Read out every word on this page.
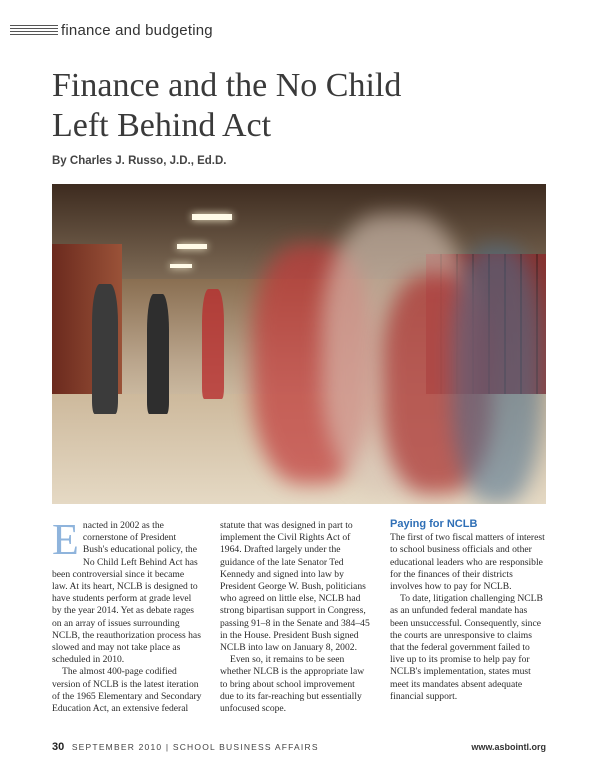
finance and budgeting
Finance and the No Child
Left Behind Act
By Charles J. Russo, J.D., Ed.D.

Enacted in 2002 as the cornerstone of President Bush's educational policy, the No Child Left Behind Act has been controversial since it became law. At its heart, NCLB is designed to have students perform at grade level by the year 2014. Yet as debate rages on an array of issues surrounding NCLB, the reauthorization process has slowed and may not take place as scheduled in 2010.

The almost 400-page codified version of NCLB is the latest iteration of the 1965 Elementary and Secondary Education Act, an extensive federal

statute that was designed in part to implement the Civil Rights Act of 1964. Drafted largely under the guidance of the late Senator Ted Kennedy and signed into law by President George W. Bush, politicians who agreed on little else, NCLB had strong bipartisan support in Congress, passing 91–8 in the Senate and 384–45 in the House. President Bush signed NCLB into law on January 8, 2002.

Even so, it remains to be seen whether NLCB is the appropriate law to bring about school improvement due to its far-reaching but essentially unfocused scope.

Paying for NCLB

The first of two fiscal matters of interest to school business officials and other educational leaders who are responsible for the finances of their districts involves how to pay for NCLB.

To date, litigation challenging NCLB as an unfunded federal mandate has been unsuccessful. Consequently, since the courts are unresponsive to claims that the federal government failed to live up to its promise to help pay for NCLB's implementation, states must meet its mandates absent adequate financial support.

30 SEPTEMBER 2010 | SCHOOL BUSINESS AFFAIRS	www.asbointl.org
